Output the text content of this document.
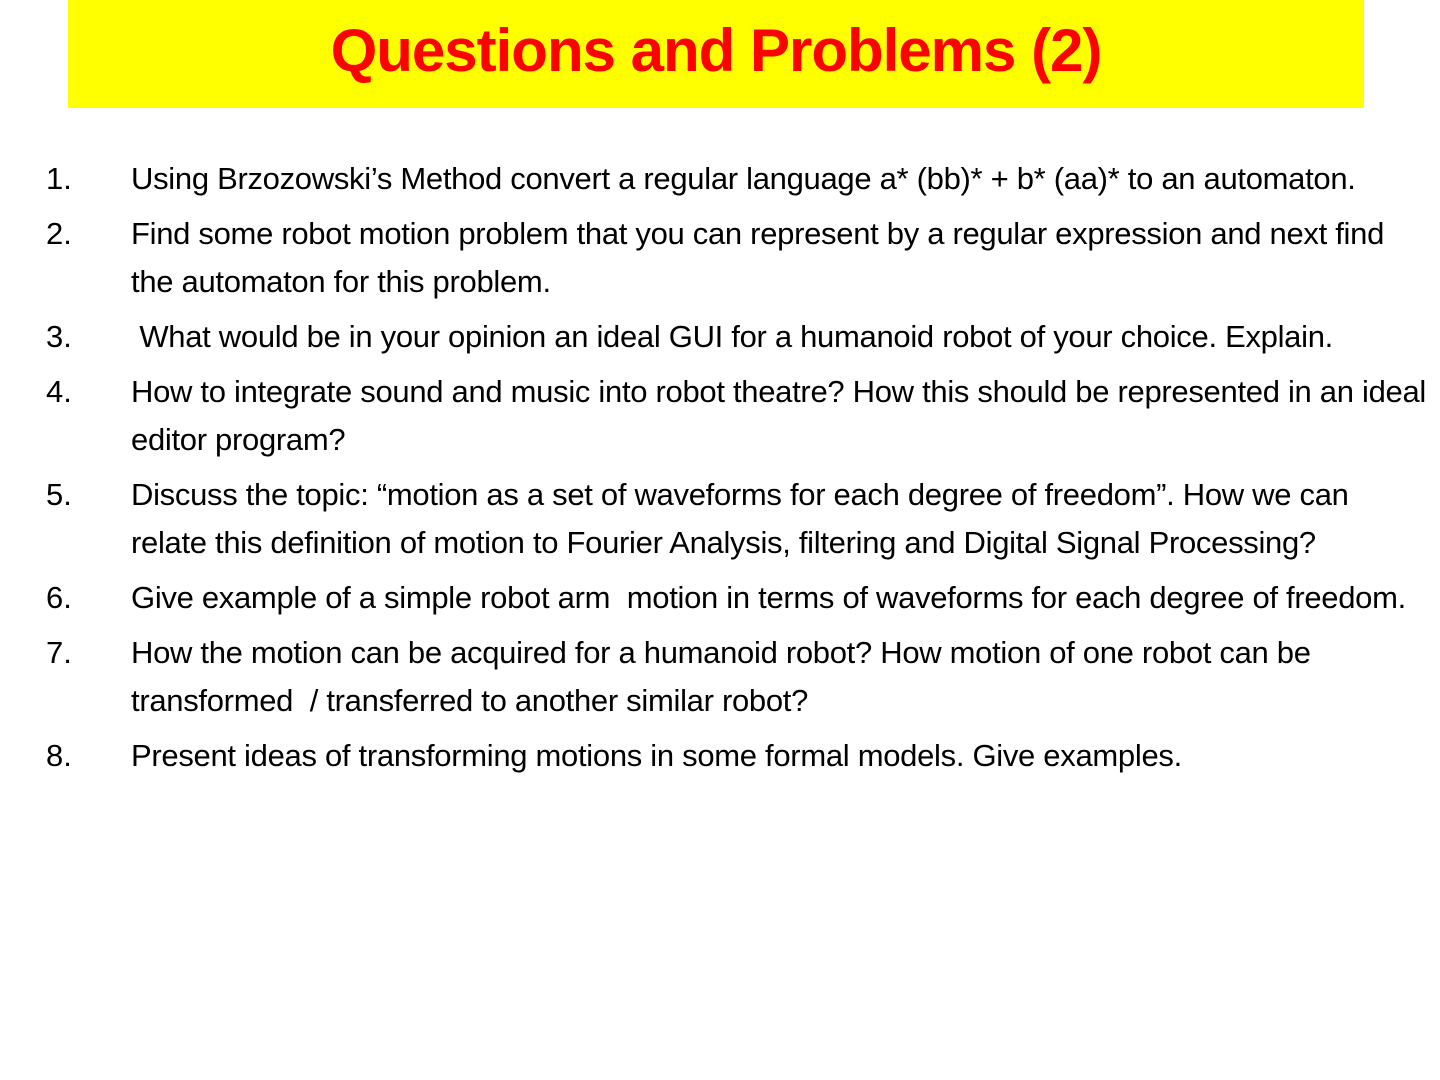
Questions and Problems (2)
1.	Using Brzozowski’s Method convert a regular language a* (bb)* + b* (aa)* to an automaton.
2.	Find some robot motion problem that you can represent by a regular expression and next find the automaton for this problem.
3.	What would be in your opinion an ideal GUI for a humanoid robot of your choice. Explain.
4.	How to integrate sound and music into robot theatre? How this should be represented in an ideal editor program?
5.	Discuss the topic: “motion as a set of waveforms for each degree of freedom”. How we can relate this definition of motion to Fourier Analysis, filtering and Digital Signal Processing?
6.	Give example of a simple robot arm  motion in terms of waveforms for each degree of freedom.
7.	How the motion can be acquired for a humanoid robot? How motion of one robot can be transformed  / transferred to another similar robot?
8.	Present ideas of transforming motions in some formal models. Give examples.
